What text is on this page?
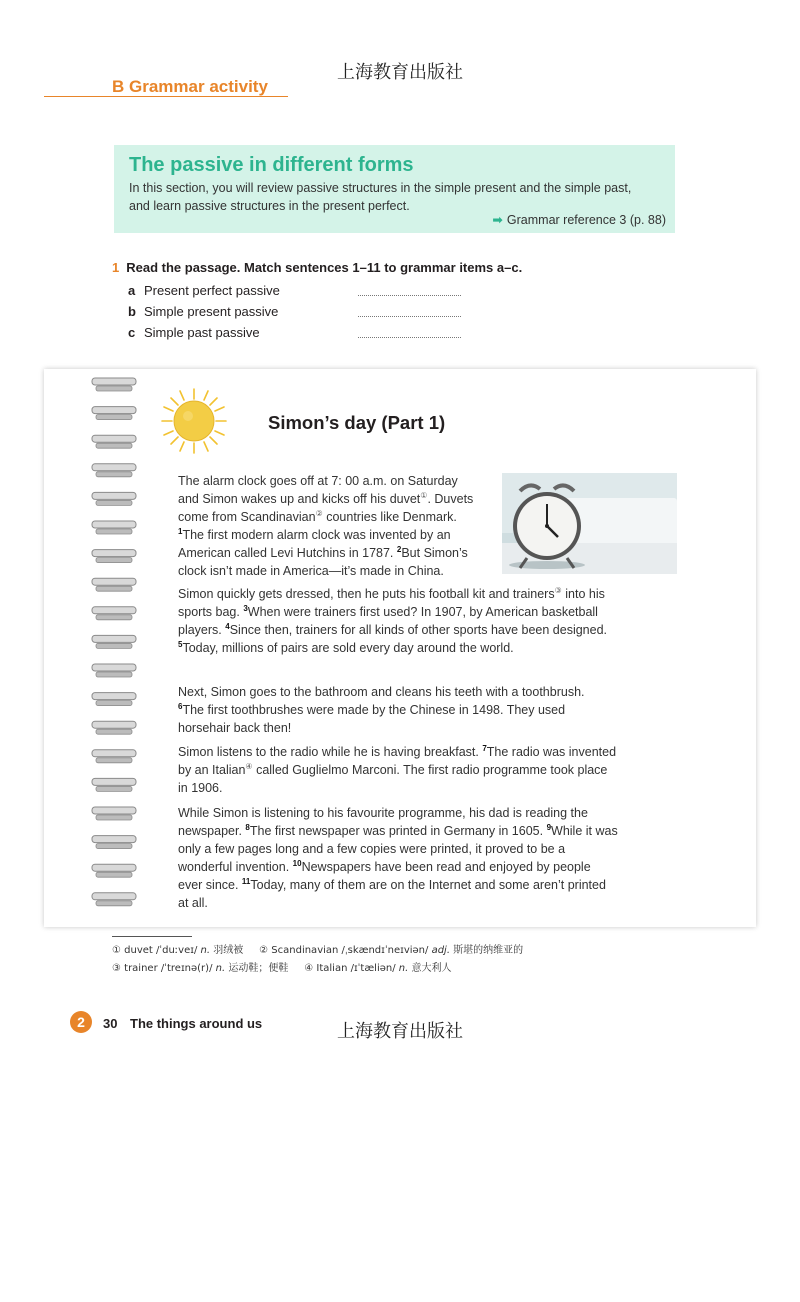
上海教育出版社
B Grammar activity
The passive in different forms
In this section, you will review passive structures in the simple present and the simple past,
and learn passive structures in the present perfect.
➡ Grammar reference 3 (p. 88)
1 Read the passage. Match sentences 1–11 to grammar items a–c.
a Present perfect passive
b Simple present passive
c Simple past passive
Simon’s day (Part 1)
The alarm clock goes off at 7: 00 a.m. on Saturday and Simon wakes up and kicks off his duvet①. Duvets come from Scandinavian② countries like Denmark.
$^1$The first modern alarm clock was invented by an American called Levi Hutchins in 1787. $^2$But Simon’s clock isn’t made in America—it’s made in China.
Simon quickly gets dressed, then he puts his football kit and trainers③ into his sports bag. $^3$When were trainers first used? In 1907, by American basketball players. $^4$Since then, trainers for all kinds of other sports have been designed. $^5$Today, millions of pairs are sold every day around the world.
Next, Simon goes to the bathroom and cleans his teeth with a toothbrush. $^6$The first toothbrushes were made by the Chinese in 1498. They used horsehair back then!
Simon listens to the radio while he is having breakfast. $^7$The radio was invented by an Italian④ called Guglielmo Marconi. The first radio programme took place in 1906.
While Simon is listening to his favourite programme, his dad is reading the newspaper. $^8$The first newspaper was printed in Germany in 1605. $^9$While it was only a few pages long and a few copies were printed, it proved to be a wonderful invention. $^{10}$Newspapers have been read and enjoyed by people ever since. $^{11}$Today, many of them are on the Internet and some aren’t printed at all.
① duvet /ˈduːveɪ/ n. 羽绒被 ② Scandinavian /ˌskændɪˈneɪviən/ adj. 斯堪的纳维亚的
③ trainer /ˈtreɪnə(r)/ n. 运动鞋；便鞋 ④ Italian /ɪˈtæliən/ n. 意大利人
2	30 The things around us	上海教育出版社
